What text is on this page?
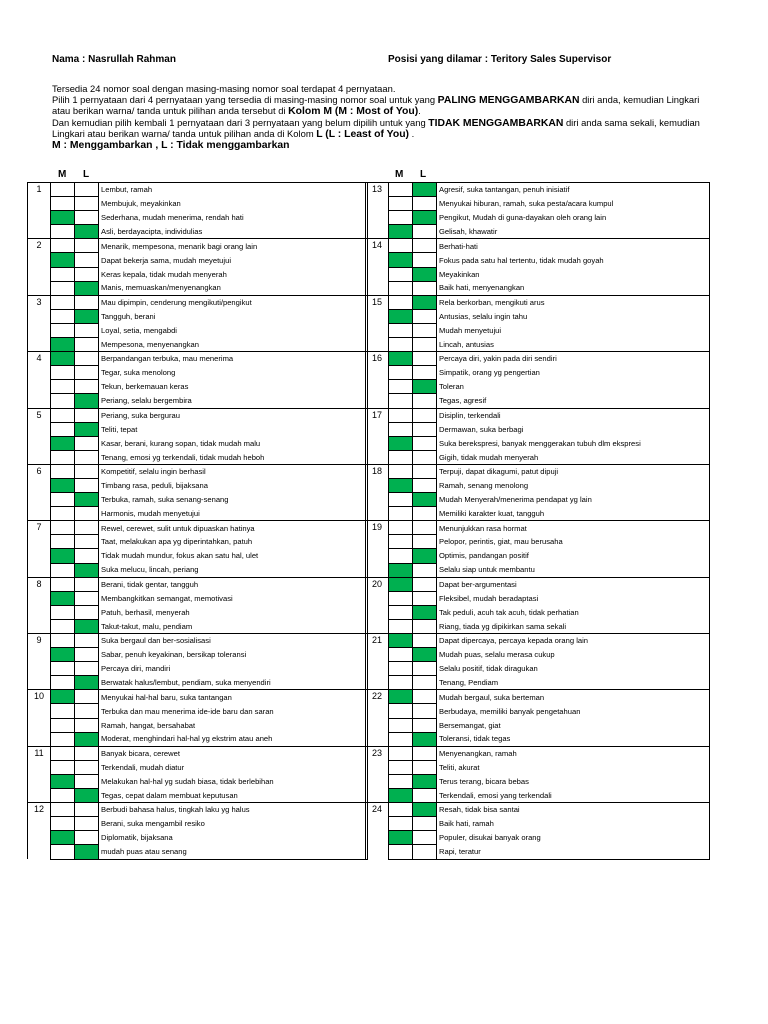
Nama : Nasrullah Rahman	Posisi yang dilamar : Teritory Sales Supervisor
Tersedia 24 nomor soal dengan masing-masing nomor soal terdapat 4 pernyataan.
Pilih 1 pernyataan dari 4 pernyataan yang tersedia di masing-masing nomor soal untuk yang PALING MENGGAMBARKAN diri anda, kemudian Lingkari
atau berikan warna/ tanda untuk pilihan anda tersebut di Kolom M (M : Most of You).
Dan kemudian pilih kembali 1 pernyataan dari 3 pernyataan yang belum dipilih untuk yang TIDAK MENGGAMBARKAN diri anda sama sekali, kemudian
Lingkari atau berikan warna/ tanda untuk pilihan anda di Kolom L (L : Least of You) .
M : Menggambarkan , L : Tidak menggambarkan
M L	M L
1			Lembut, ramah
			Membujuk, meyakinkan
			Sederhana, mudah menerima, rendah hati
			Asli, berdayacipta, individulias
2			Menarik, mempesona, menarik bagi orang lain
			Dapat bekerja sama, mudah meyetujui
			Keras kepala, tidak mudah menyerah
			Manis, memuaskan/menyenangkan
3			Mau dipimpin, cenderung mengikuti/pengikut
			Tangguh, berani
			Loyal, setia, mengabdi
			Mempesona, menyenangkan
4			Berpandangan terbuka, mau menerima
			Tegar, suka menolong
			Tekun, berkemauan keras
			Periang, selalu bergembira
5			Periang, suka bergurau
			Teliti, tepat
			Kasar, berani, kurang sopan, tidak mudah malu
			Tenang, emosi yg terkendali, tidak mudah heboh
6			Kompetitif, selalu ingin berhasil
			Timbang rasa, peduli, bijaksana
			Terbuka, ramah, suka senang-senang
			Harmonis, mudah menyetujui
7			Rewel, cerewet, sulit untuk dipuaskan hatinya
			Taat, melakukan apa yg diperintahkan, patuh
			Tidak mudah mundur, fokus akan satu hal, ulet
			Suka melucu, lincah, periang
8			Berani, tidak gentar, tangguh
			Membangkitkan semangat, memotivasi
			Patuh, berhasil, menyerah
			Takut-takut, malu, pendiam
9			Suka bergaul dan ber-sosialisasi
			Sabar, penuh keyakinan, bersikap toleransi
			Percaya diri, mandiri
			Berwatak halus/lembut, pendiam, suka menyendiri
10			Menyukai hal-hal baru, suka tantangan
			Terbuka dan mau menerima ide-ide baru dan saran
			Ramah, hangat, bersahabat
			Moderat, menghindari hal-hal yg ekstrim atau aneh
11			Banyak bicara, cerewet
			Terkendali, mudah diatur
			Melakukan hal-hal yg sudah biasa, tidak berlebihan
			Tegas, cepat dalam membuat keputusan
12			Berbudi bahasa halus, tingkah laku yg halus
			Berani, suka mengambil resiko
			Diplomatik, bijaksana
			mudah puas atau senang
13			Agresif, suka tantangan, penuh inisiatif
			Menyukai hiburan, ramah, suka pesta/acara kumpul
			Pengikut, Mudah di guna-dayakan oleh orang lain
			Gelisah, khawatir
14			Berhati-hati
			Fokus pada satu hal tertentu, tidak mudah goyah
			Meyakinkan
			Baik hati, menyenangkan
15			Rela berkorban, mengikuti arus
			Antusias, selalu ingin tahu
			Mudah menyetujui
			Lincah, antusias
16			Percaya diri, yakin pada diri sendiri
			Simpatik, orang yg pengertian
			Toleran
			Tegas, agresif
17			Disiplin, terkendali
			Dermawan, suka berbagi
			Suka berekspresi, banyak menggerakan tubuh dlm ekspresi
			Gigih, tidak mudah menyerah
18			Terpuji, dapat dikagumi, patut dipuji
			Ramah, senang menolong
			Mudah Menyerah/menerima pendapat yg lain
			Memiliki karakter kuat, tangguh
19			Menunjukkan rasa hormat
			Pelopor, perintis, giat, mau berusaha
			Optimis, pandangan positif
			Selalu siap untuk membantu
20			Dapat ber-argumentasi
			Fleksibel, mudah beradaptasi
			Tak peduli, acuh tak acuh, tidak perhatian
			Riang, tiada yg dipikirkan sama sekali
21			Dapat dipercaya, percaya kepada orang lain
			Mudah puas, selalu merasa cukup
			Selalu positif, tidak diragukan
			Tenang, Pendiam
22			Mudah bergaul, suka berteman
			Berbudaya, memiliki banyak pengetahuan
			Bersemangat, giat
			Toleransi, tidak tegas
23			Menyenangkan, ramah
			Teliti, akurat
			Terus terang, bicara bebas
			Terkendali, emosi yang terkendali
24			Resah, tidak bisa santai
			Baik hati, ramah
			Populer, disukai banyak orang
			Rapi, teratur
